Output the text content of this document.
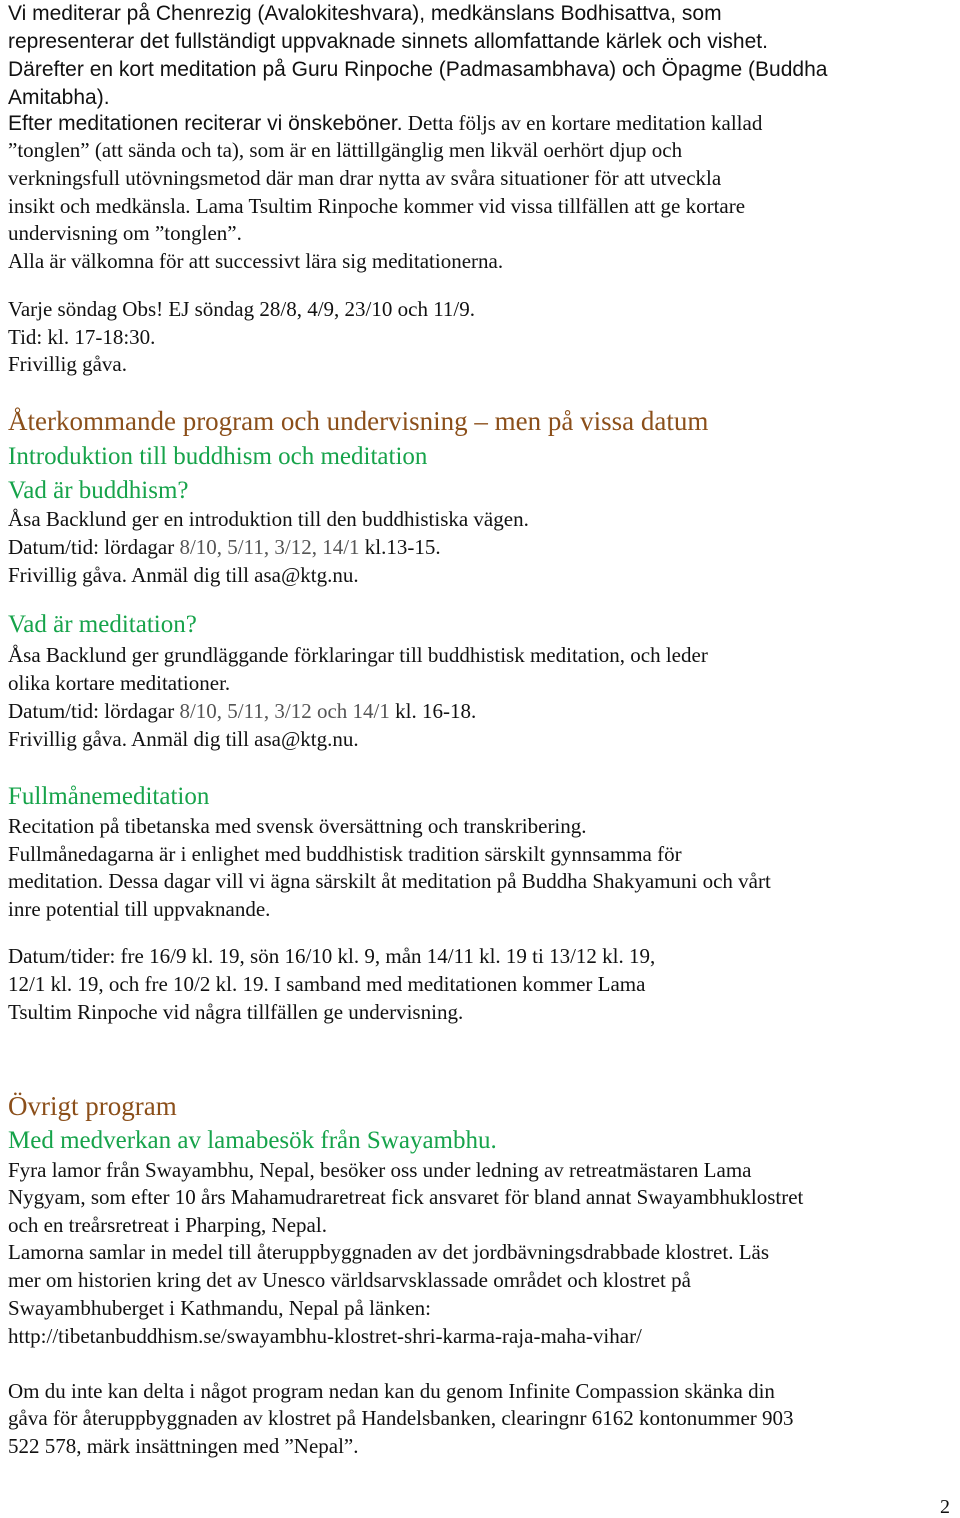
Vi mediterar på Chenrezig (Avalokiteshvara), medkänslans Bodhisattva, som

representerar det fullständigt uppvaknade sinnets allomfattande kärlek och vishet.

Därefter en kort meditation på Guru Rinpoche (Padmasambhava) och Öpagme (Buddha

Amitabha).

Efter meditationen reciterar vi önskeböner. Detta följs av en kortare meditation kallad

”tonglen” (att sända och ta), som är en lättillgänglig men likväl oerhört djup och

verkningsfull utövningsmetod där man drar nytta av svåra situationer för att utveckla

insikt och medkänsla. Lama Tsultim Rinpoche kommer vid vissa tillfällen att ge kortare

undervisning om ”tonglen”.

Alla är välkomna för att successivt lära sig meditationerna.

Varje söndag Obs! EJ söndag 28/8, 4/9, 23/10 och 11/9.

Tid: kl. 17-18:30.

Frivillig gåva.

Återkommande program och undervisning – men på vissa datum

Introduktion till buddhism och meditation

Vad är buddhism?

Åsa Backlund ger en introduktion till den buddhistiska vägen.

Datum/tid: lördagar 8/10, 5/11, 3/12, 14/1 kl.13-15.

Frivillig gåva. Anmäl dig till asa@ktg.nu.

Vad är meditation?

Åsa Backlund ger grundläggande förklaringar till buddhistisk meditation, och leder

olika kortare meditationer.

Datum/tid: lördagar 8/10, 5/11, 3/12 och 14/1 kl. 16-18.

Frivillig gåva. Anmäl dig till asa@ktg.nu.

Fullmånemeditation

Recitation på tibetanska med svensk översättning och transkribering.

Fullmånedagarna är i enlighet med buddhistisk tradition särskilt gynnsamma för

meditation. Dessa dagar vill vi ägna särskilt åt meditation på Buddha Shakyamuni och vårt

inre potential till uppvaknande.

Datum/tider: fre 16/9 kl. 19, sön 16/10 kl. 9, mån 14/11 kl. 19 ti 13/12 kl. 19,

12/1 kl. 19, och fre 10/2 kl. 19. I samband med meditationen kommer Lama

Tsultim Rinpoche vid några tillfällen ge undervisning.

Övrigt program

Med medverkan av lamabesök från Swayambhu.

Fyra lamor från Swayambhu, Nepal, besöker oss under ledning av retreatmästaren Lama

Nygyam, som efter 10 års Mahamudraretreat fick ansvaret för bland annat Swayambhuklostret

och en treårsretreat i Pharping, Nepal.

Lamorna samlar in medel till återuppbyggnaden av det jordbävningsdrabbade klostret. Läs

mer om historien kring det av Unesco världsarvsklassade området och klostret på

Swayambhuberget i Kathmandu, Nepal på länken:

http://tibetanbuddhism.se/swayambhu-klostret-shri-karma-raja-maha-vihar/

Om du inte kan delta i något program nedan kan du genom Infinite Compassion skänka din

gåva för återuppbyggnaden av klostret på Handelsbanken, clearingnr 6162 kontonummer 903

522 578, märk insättningen med ”Nepal”.

2
